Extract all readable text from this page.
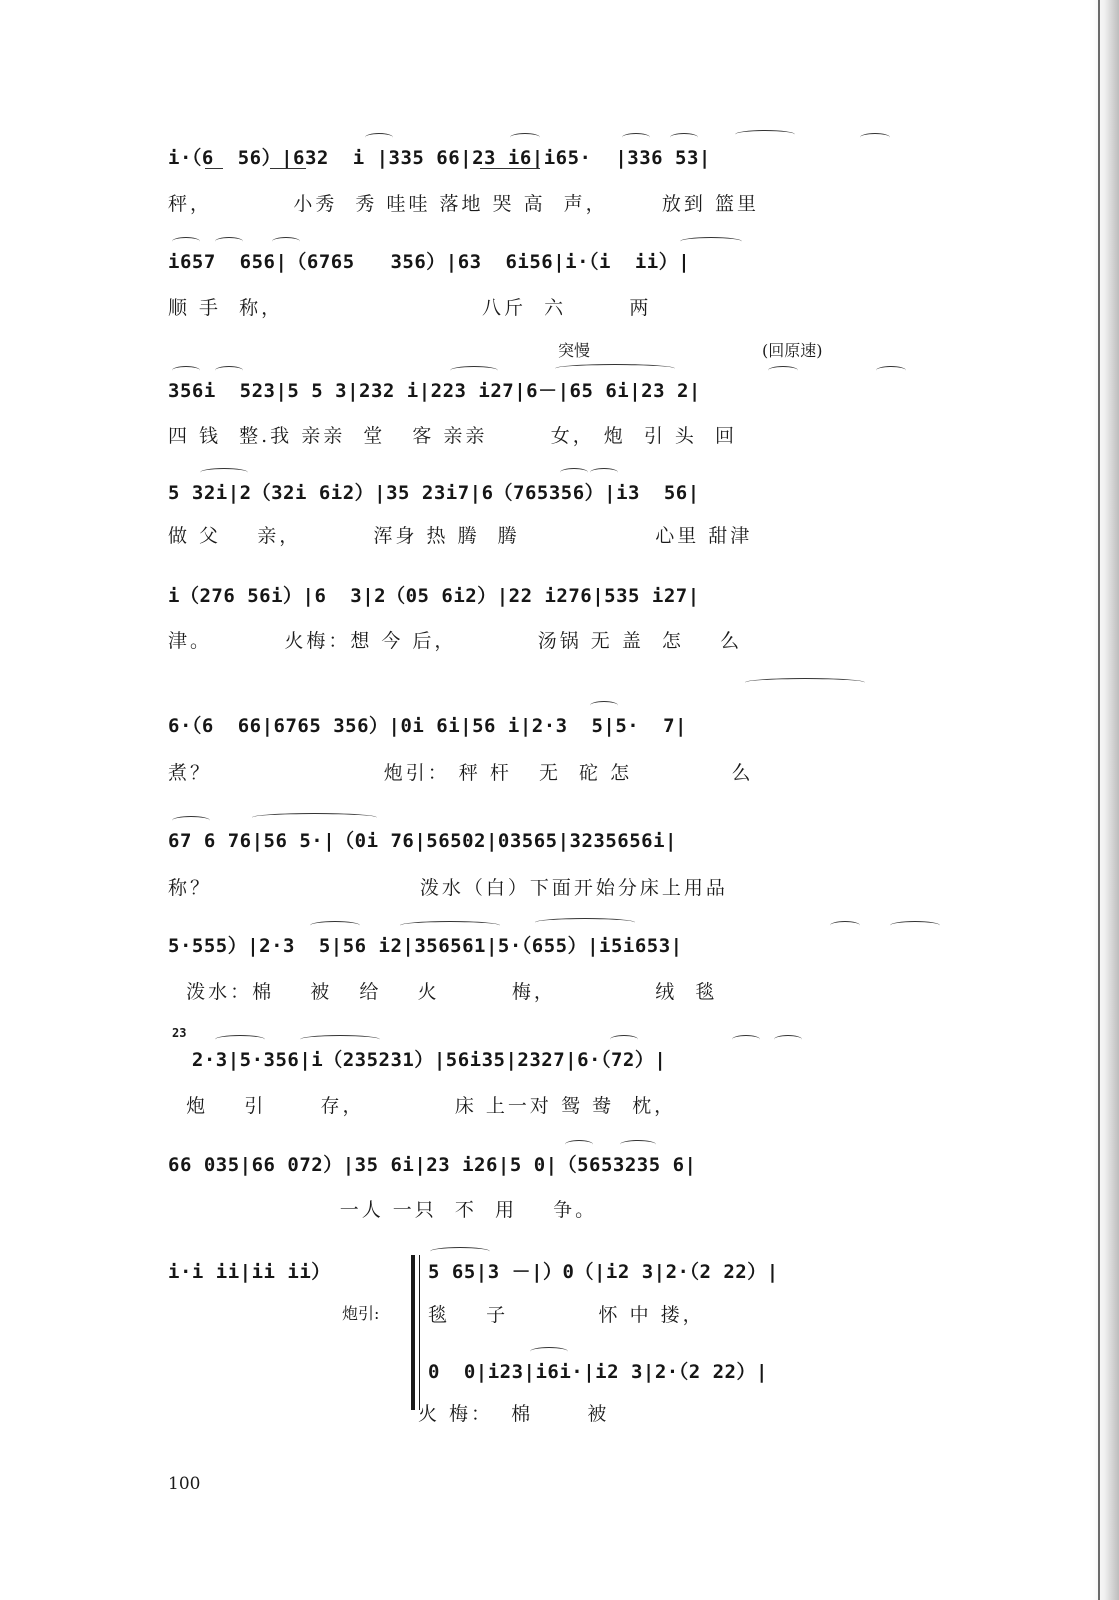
i·（6  56）|632  i |335 66|23 i6|i65·  |336 53|
秤，         小秀  秀 哇哇 落地 哭 高  声，      放到 篮里
i657  656|（6765   356）|63  6i56|i·（i  ii）|
顺 手  称，                      八斤  六       两
突慢	(回原速)
356i  523|5 5 3|232 i|223 i27|6－|65 6i|23 2|
四 钱  整.我 亲亲  堂   客 亲亲       女， 炮  引 头  回
5 32i|2（32i 6i2）|35 23i7|6（765356）|i3  56|
做 父    亲，        浑身 热 腾  腾               心里 甜津
i（276 56i）|6  3|2（05 6i2）|22 i276|535 i27|
津。        火梅：想 今 后，         汤锅 无 盖  怎    么
6·（6  66|6765 356）|0i 6i|56 i|2·3  5|5·  7|
煮？                   炮引： 秤 杆   无  砣 怎           么
67 6 76|56 5·|（0i 76|56502|03565|3235656i|
称？                       泼水（白）下面开始分床上用品
5·555）|2·3  5|56 i2|356561|5·（655）|i5i653|
泼水：棉    被   给    火        梅，           绒  毯
23
2·3|5·356|i（235231）|56i35|2327|6·（72）|
炮    引      存，          床 上一对 鸳 鸯  枕，
66 035|66 072）|35 6i|23 i26|5 0|（5653235 6|
一人 一只  不  用    争。
i·i ii|ii ii）
炮引:
5 65|3 －|）0（|i2 3|2·（2 22）|
毯    子          怀 中 搂，
0  0|i23|i6i·|i2 3|2·（2 22）|
火 梅：  棉      被
100
